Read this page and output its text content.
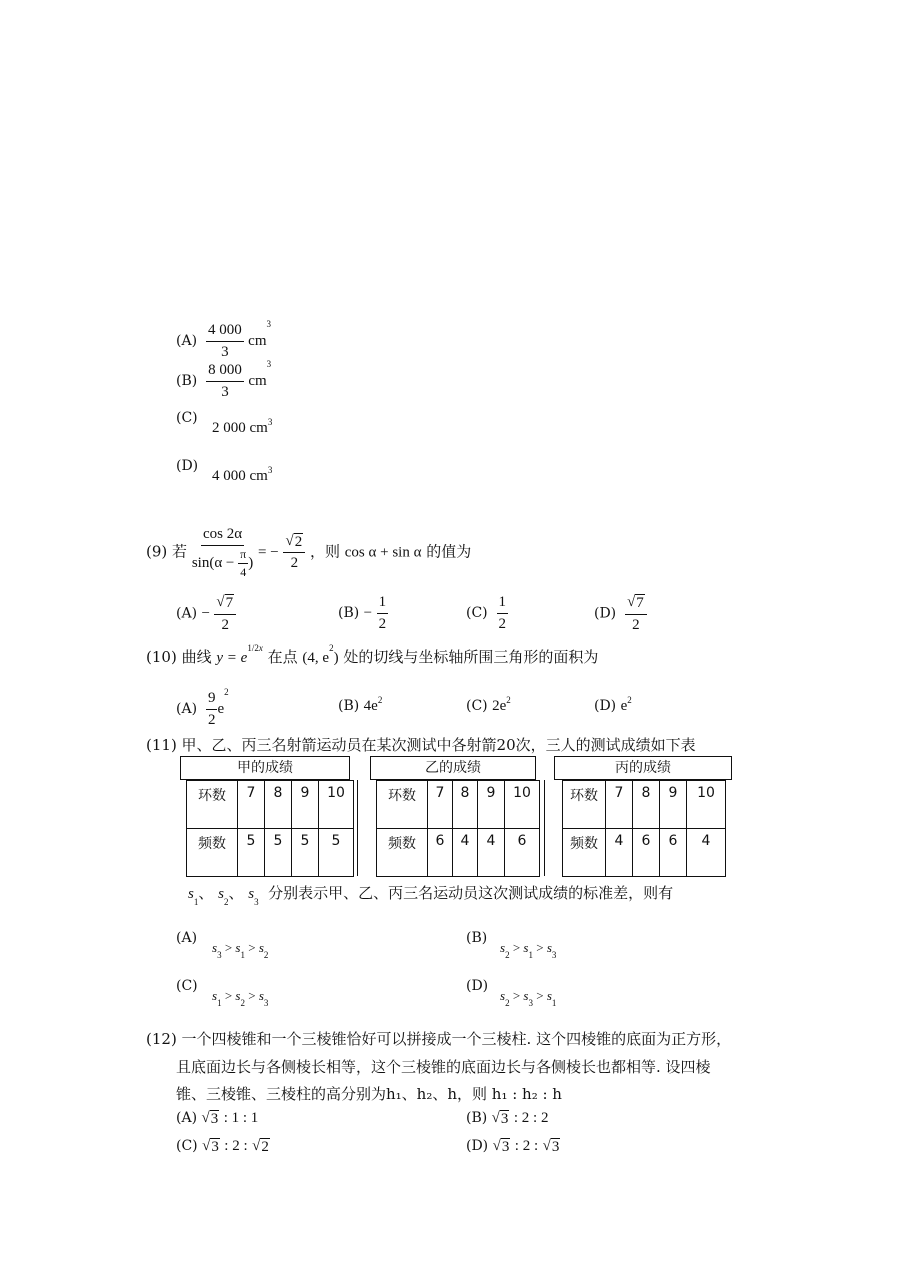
$(A) \frac{4 000}{3} cm^3$
$(B) \frac{8 000}{3} cm^3$
(C)
2 000 $cm^3$
(D)
4 000 $cm^3$
(9) 若 $\frac{\cos 2\alpha}{\sin(\alpha - \frac{\pi}{4} )}$ = − $\frac{√ 2}{2}$ ，则 cos α + sin α 的值为
$(A) - \frac{√ 7}{2}$	$(B) - \frac{1}{2}$	$(C) \frac{1}{2}$	$(D) \frac{√ 7}{2}$
(10) 曲线 $y = e^{1/2x}$ 在点 (4, $e^2$) 处的切线与坐标轴所围三角形的面积为
$(A) \frac{9}{2} e^2$
(B) $4e^2$	(C) $2e^2$	(D) $e^2$
(11) 甲、乙、丙三名射箭运动员在某次测试中各射箭20次，三人的测试成绩如下表
甲的成绩	乙的成绩	丙的成绩
环数	7	8	9	10
频数	5	5	5	5
环数	7	8	9	10
频数	6	4	4	6
环数	7	8	9	10
频数	4	6	6	4
$s_1$、 $s_2$、 $s_3$ 分别表示甲、乙、丙三名运动员这次测试成绩的标准差，则有
(A)
$s_3 > s_1 > s_2$
(B)
$s_2 > s_1 > s_3$
(C)
$s_1 > s_2 > s_3$
(D)
$s_2 > s_3 > s_1$
(12) 一个四棱锥和一个三棱锥恰好可以拼接成一个三棱柱. 这个四棱锥的底面为正方形，
且底面边长与各侧棱长相等，这个三棱锥的底面边长与各侧棱长也都相等. 设四棱
锥、三棱锥、三棱柱的高分别为h₁、h₂、h，则 h₁ : h₂ : h
(A) √ 3 : 1 : 1	(B) √ 3 : 2 : 2
(C) √ 3 : 2 : √ 2	(D) √ 3 : 2 : √ 3
